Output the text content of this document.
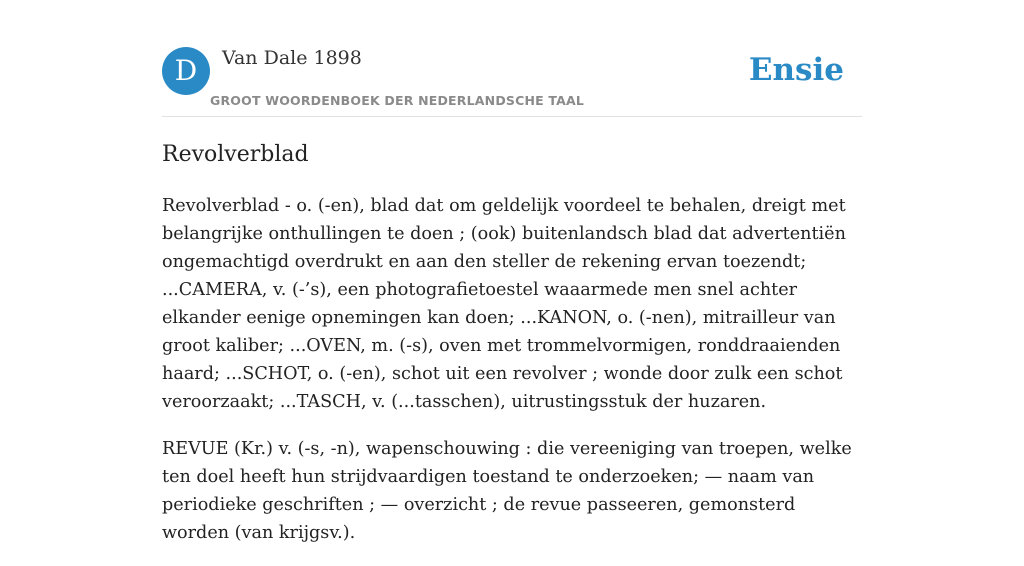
D	Van Dale 1898
GROOT WOORDENBOEK DER NEDERLANDSCHE TAAL
Ensie
Revolverblad

Revolverblad - o. (-en), blad dat om geldelijk voordeel te behalen, dreigt met belangrijke onthullingen te doen ; (ook) buitenlandsch blad dat advertentiën ongemachtigd overdrukt en aan den steller de rekening ervan toezendt; ...CAMERA, v. (-’s), een photografietoestel waaarmede men snel achter elkander eenige opnemingen kan doen; ...KANON, o. (-nen), mitrailleur van groot kaliber; ...OVEN, m. (-s), oven met trommelvormigen, ronddraaienden haard; ...SCHOT, o. (-en), schot uit een revolver ; wonde door zulk een schot veroorzaakt; ...TASCH, v. (...tasschen), uitrustingsstuk der huzaren.

REVUE (Kr.) v. (-s, -n), wapenschouwing : die vereeniging van troepen, welke ten doel heeft hun strijdvaardigen toestand te onderzoeken; — naam van periodieke geschriften ; — overzicht ; de revue passeeren, gemonsterd worden (van krijgsv.).
